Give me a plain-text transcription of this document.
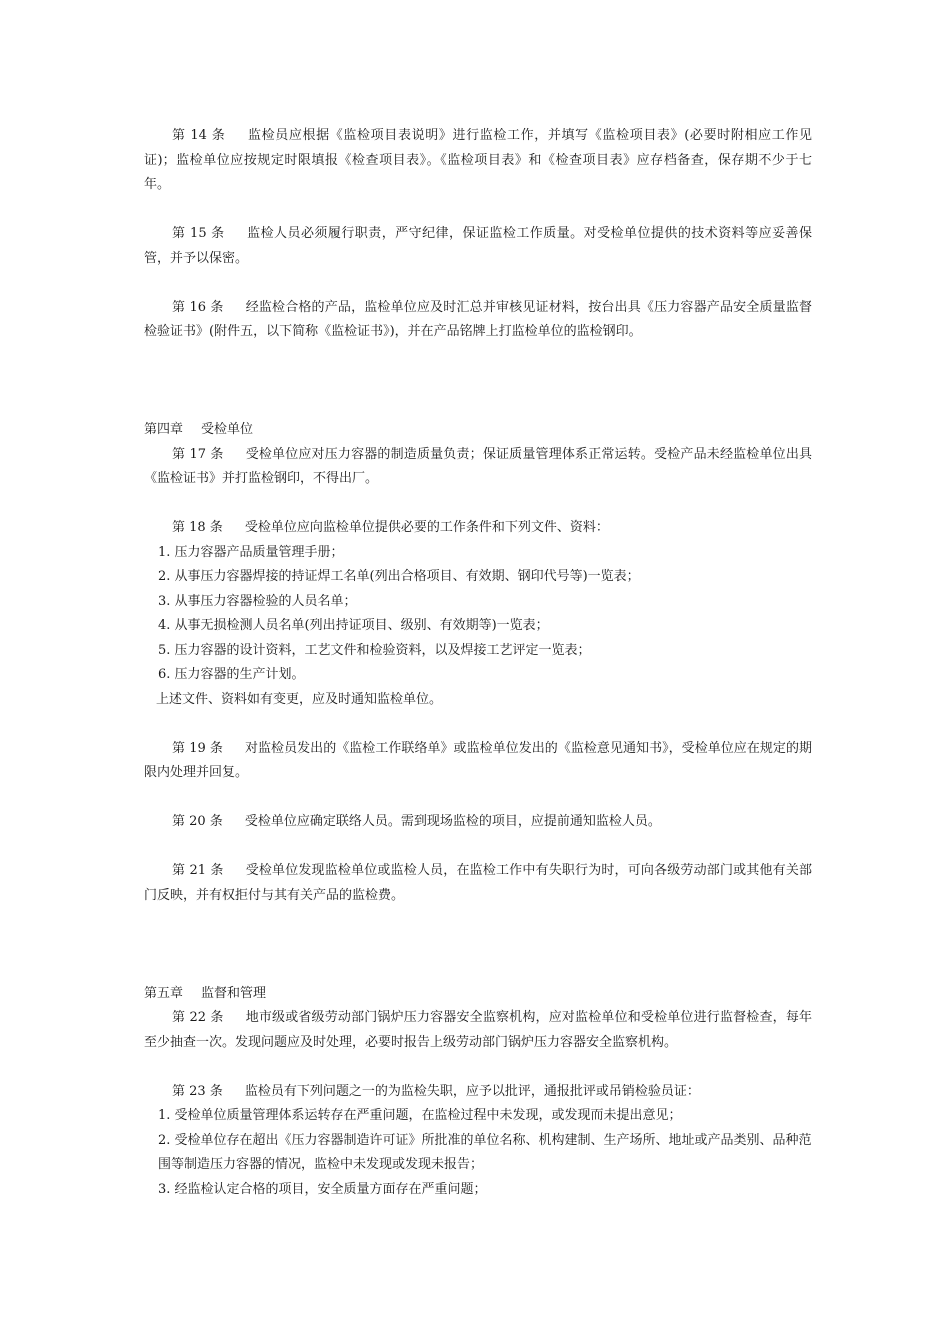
第 14 条 监检员应根据《监检项目表说明》进行监检工作，并填写《监检项目表》(必要时附相应工作见证)；监检单位应按规定时限填报《检查项目表》。《监检项目表》和《检查项目表》应存档备查，保存期不少于七年。

第 15 条 监检人员必须履行职责，严守纪律，保证监检工作质量。对受检单位提供的技术资料等应妥善保管，并予以保密。

第 16 条 经监检合格的产品，监检单位应及时汇总并审核见证材料，按台出具《压力容器产品安全质量监督检验证书》(附件五，以下简称《监检证书》)，并在产品铭牌上打监检单位的监检钢印。

第四章 受检单位

第 17 条 受检单位应对压力容器的制造质量负责；保证质量管理体系正常运转。受检产品未经监检单位出具《监检证书》并打监检钢印，不得出厂。

第 18 条 受检单位应向监检单位提供必要的工作条件和下列文件、资料：

1. 压力容器产品质量管理手册；

2. 从事压力容器焊接的持证焊工名单(列出合格项目、有效期、钢印代号等)一览表；

3. 从事压力容器检验的人员名单；

4. 从事无损检测人员名单(列出持证项目、级别、有效期等)一览表；

5. 压力容器的设计资料，工艺文件和检验资料，以及焊接工艺评定一览表；

6. 压力容器的生产计划。

上述文件、资料如有变更，应及时通知监检单位。

第 19 条 对监检员发出的《监检工作联络单》或监检单位发出的《监检意见通知书》，受检单位应在规定的期限内处理并回复。

第 20 条 受检单位应确定联络人员。需到现场监检的项目，应提前通知监检人员。

第 21 条 受检单位发现监检单位或监检人员，在监检工作中有失职行为时，可向各级劳动部门或其他有关部门反映，并有权拒付与其有关产品的监检费。

第五章 监督和管理

第 22 条 地市级或省级劳动部门锅炉压力容器安全监察机构，应对监检单位和受检单位进行监督检查，每年至少抽查一次。发现问题应及时处理，必要时报告上级劳动部门锅炉压力容器安全监察机构。

第 23 条 监检员有下列问题之一的为监检失职，应予以批评，通报批评或吊销检验员证：

1. 受检单位质量管理体系运转存在严重问题，在监检过程中未发现，或发现而未提出意见；

2. 受检单位存在超出《压力容器制造许可证》所批准的单位名称、机构建制、生产场所、地址或产品类别、品种范围等制造压力容器的情况，监检中未发现或发现未报告；

3. 经监检认定合格的项目，安全质量方面存在严重问题；
